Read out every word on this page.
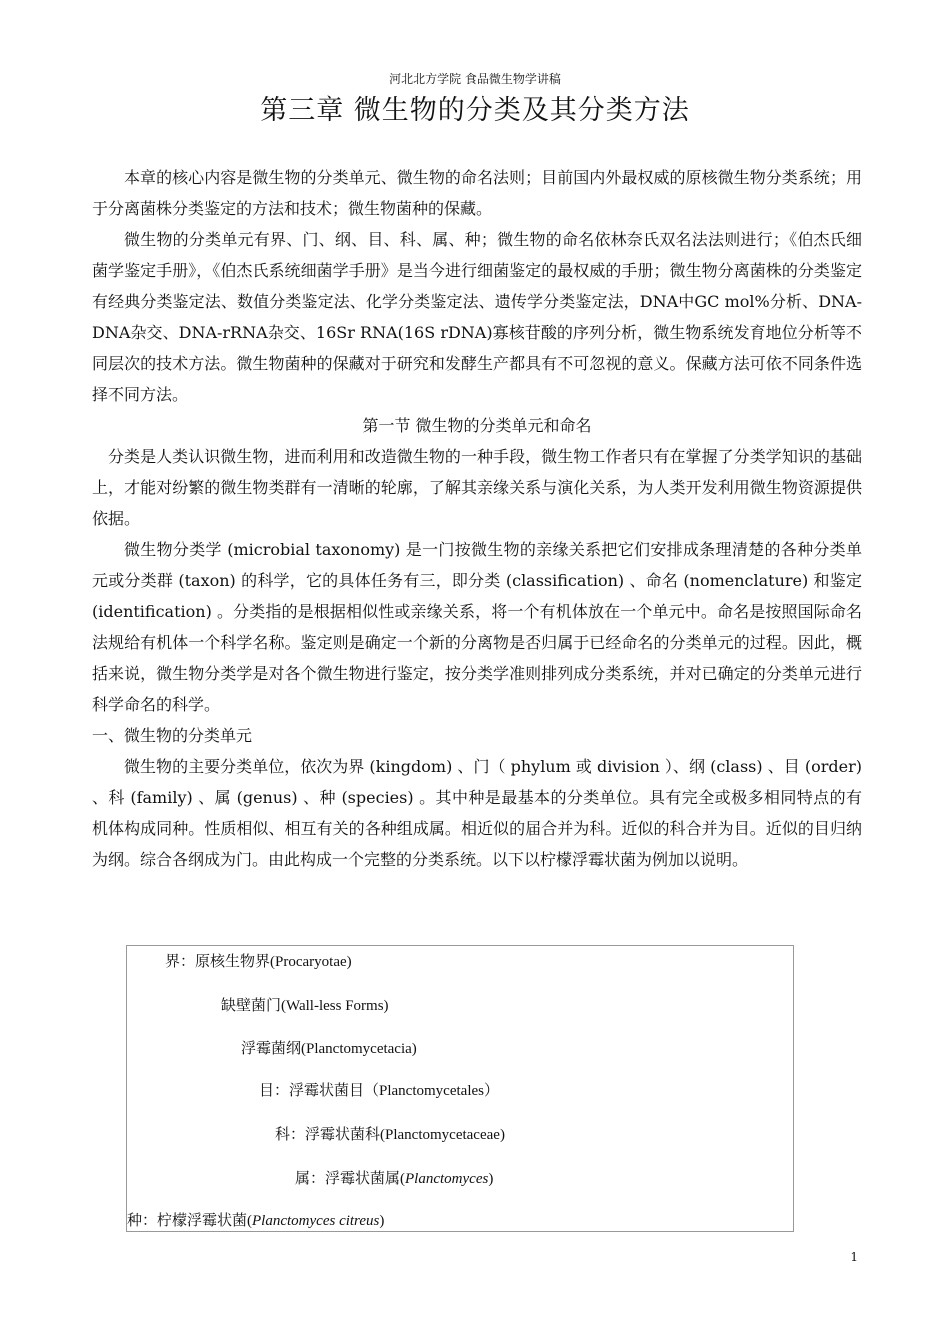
河北北方学院 食品微生物学讲稿
第三章 微生物的分类及其分类方法

本章的核心内容是微生物的分类单元、微生物的命名法则；目前国内外最权威的原核微生物分类系统；用于分离菌株分类鉴定的方法和技术；微生物菌种的保藏。

微生物的分类单元有界、门、纲、目、科、属、种；微生物的命名依林奈氏双名法法则进行；《伯杰氏细菌学鉴定手册》，《伯杰氏系统细菌学手册》是当今进行细菌鉴定的最权威的手册；微生物分离菌株的分类鉴定有经典分类鉴定法、数值分类鉴定法、化学分类鉴定法、遗传学分类鉴定法，DNA中GC mol%分析、DNA-DNA杂交、DNA-rRNA杂交、16Sr RNA(16S rDNA)寡核苷酸的序列分析，微生物系统发育地位分析等不同层次的技术方法。微生物菌种的保藏对于研究和发酵生产都具有不可忽视的意义。保藏方法可依不同条件选择不同方法。

第一节 微生物的分类单元和命名

分类是人类认识微生物，进而利用和改造微生物的一种手段，微生物工作者只有在掌握了分类学知识的基础上，才能对纷繁的微生物类群有一清晰的轮廓，了解其亲缘关系与演化关系，为人类开发利用微生物资源提供依据。

微生物分类学 (microbial taxonomy) 是一门按微生物的亲缘关系把它们安排成条理清楚的各种分类单元或分类群 (taxon) 的科学，它的具体任务有三，即分类 (classification) 、命名 (nomenclature) 和鉴定 (identification) 。分类指的是根据相似性或亲缘关系，将一个有机体放在一个单元中。命名是按照国际命名法规给有机体一个科学名称。鉴定则是确定一个新的分离物是否归属于已经命名的分类单元的过程。因此，概括来说，微生物分类学是对各个微生物进行鉴定，按分类学准则排列成分类系统，并对已确定的分类单元进行科学命名的科学。

一、微生物的分类单元

微生物的主要分类单位，依次为界 (kingdom) 、门（ phylum 或 division ）、纲 (class) 、目 (order) 、科 (family) 、属 (genus) 、种 (species) 。其中种是最基本的分类单位。具有完全或极多相同特点的有机体构成同种。性质相似、相互有关的各种组成属。相近似的届合并为科。近似的科合并为目。近似的目归纳为纲。综合各纲成为门。由此构成一个完整的分类系统。以下以柠檬浮霉状菌为例加以说明。

界：原核生物界(Procaryotae)
缺壁菌门(Wall-less Forms)
浮霉菌纲(Planctomycetacia)
目：浮霉状菌目（Planctomycetales）
科：浮霉状菌科(Planctomycetaceae)
属：浮霉状菌属(Planctomyces)
种：柠檬浮霉状菌(Planctomyces citreus)
1
